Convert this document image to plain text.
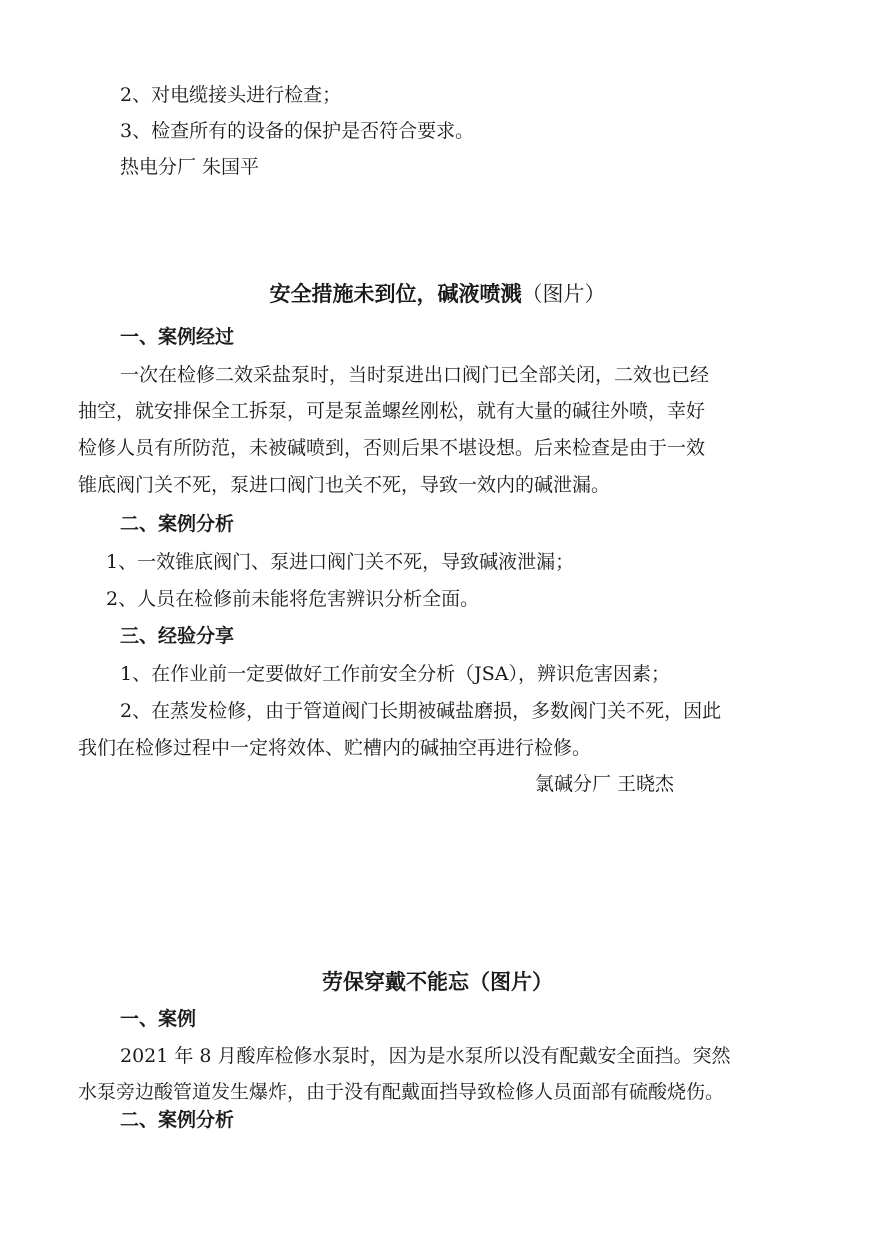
2、对电缆接头进行检查；
3、检查所有的设备的保护是否符合要求。
热电分厂 朱国平
安全措施未到位，碱液喷溅（图片）
一、案例经过
一次在检修二效采盐泵时，当时泵进出口阀门已全部关闭，二效也已经
抽空，就安排保全工拆泵，可是泵盖螺丝刚松，就有大量的碱往外喷，幸好
检修人员有所防范，未被碱喷到，否则后果不堪设想。后来检查是由于一效
锥底阀门关不死，泵进口阀门也关不死，导致一效内的碱泄漏。
二、案例分析
1、一效锥底阀门、泵进口阀门关不死，导致碱液泄漏；
2、人员在检修前未能将危害辨识分析全面。
三、经验分享
1、在作业前一定要做好工作前安全分析（JSA），辨识危害因素；
2、在蒸发检修，由于管道阀门长期被碱盐磨损，多数阀门关不死，因此
我们在检修过程中一定将效体、贮槽内的碱抽空再进行检修。
氯碱分厂 王晓杰
劳保穿戴不能忘（图片）
一、案例
2021 年 8 月酸库检修水泵时，因为是水泵所以没有配戴安全面挡。突然
水泵旁边酸管道发生爆炸，由于没有配戴面挡导致检修人员面部有硫酸烧伤。
二、案例分析
